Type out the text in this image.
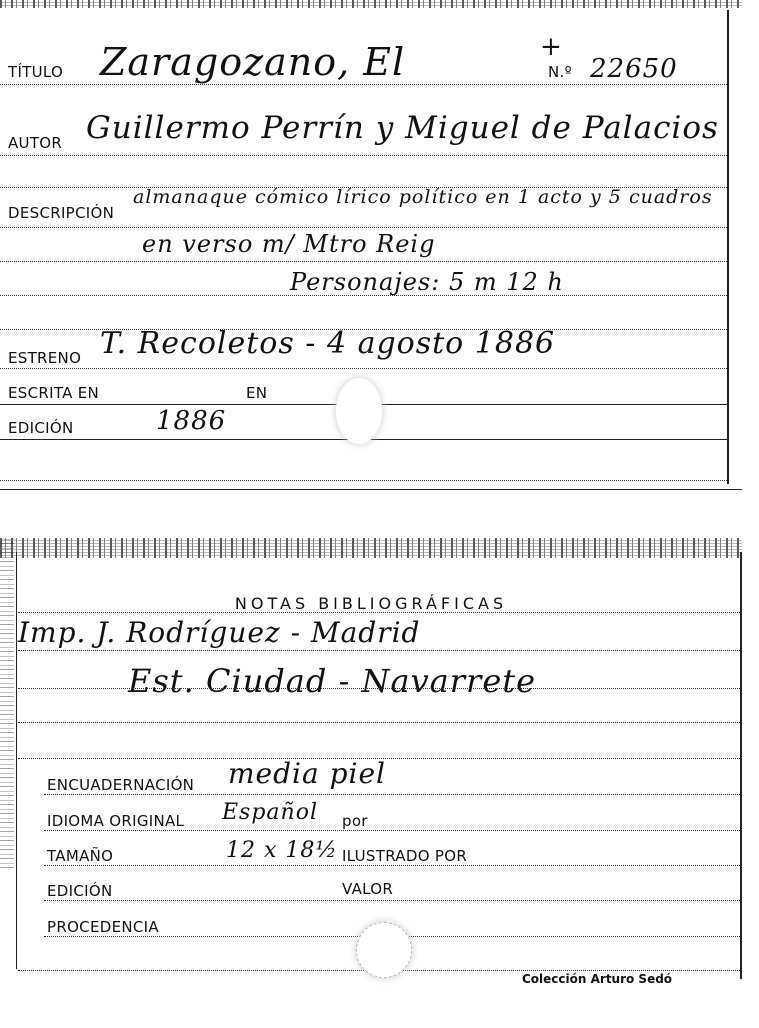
TÍTULO Zaragozano, El	+
N.º 22650
AUTOR Guillermo Perrín y Miguel de Palacios
DESCRIPCIÓN
almanaque cómico lírico político en 1 acto y 5 cuadros
en verso m/ Mtro Reig
Personajes: 5 m 12 h
ESTRENO T. Recoletos - 4 agosto 1886
ESCRITA EN	EN
EDICIÓN	1886
NOTAS BIBLIOGRÁFICAS
Imp. J. Rodríguez - Madrid
Est. Ciudad - Navarrete
ENCUADERNACIÓN media piel
IDIOMA ORIGINAL Español por
TAMAÑO	12 x 18½ ILUSTRADO POR
EDICIÓN	VALOR
PROCEDENCIA
Colección Arturo Sedó
